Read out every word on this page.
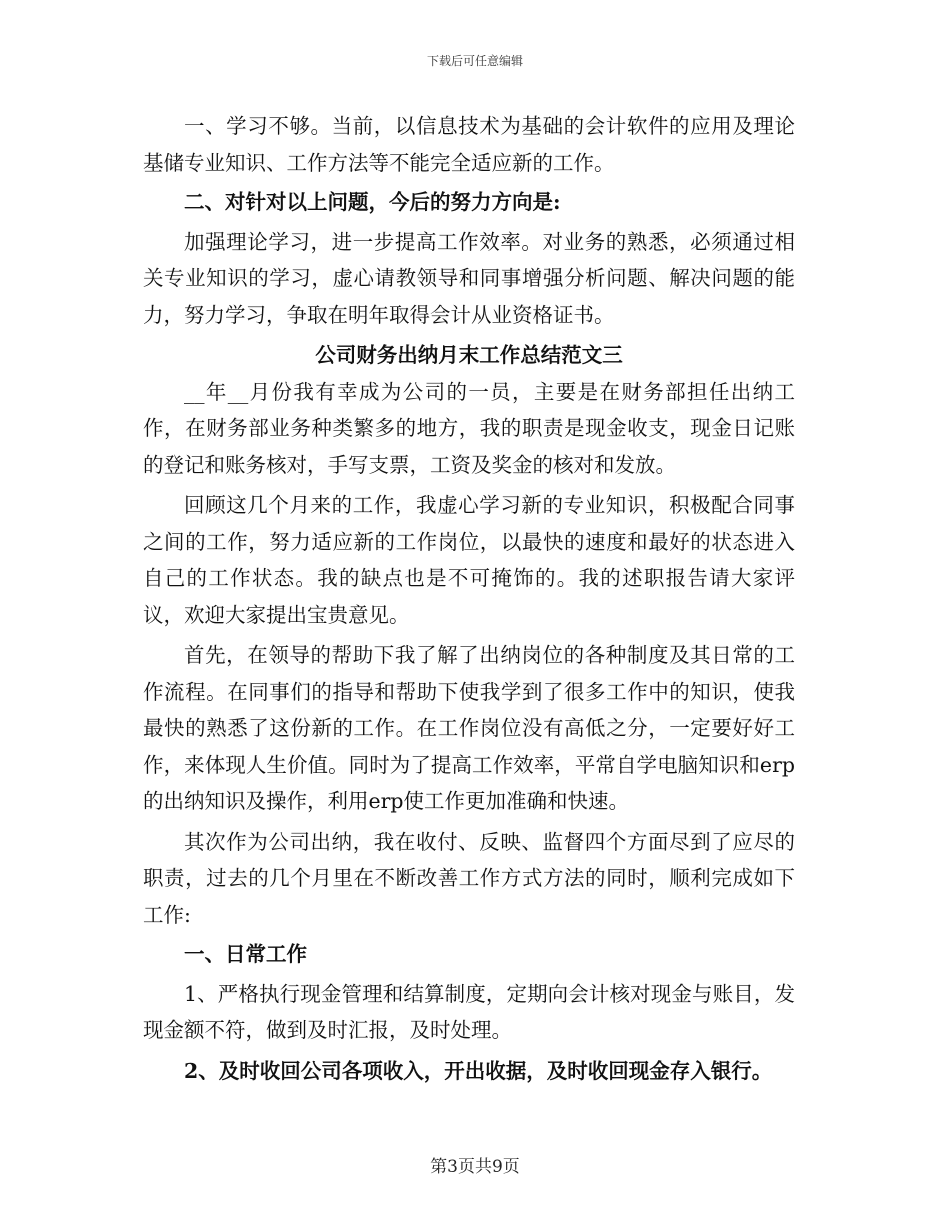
下载后可任意编辑

一、学习不够。当前，以信息技术为基础的会计软件的应用及理论基储专业知识、工作方法等不能完全适应新的工作。

二、对针对以上问题，今后的努力方向是:

加强理论学习，进一步提高工作效率。对业务的熟悉，必须通过相关专业知识的学习，虚心请教领导和同事增强分析问题、解决问题的能力，努力学习，争取在明年取得会计从业资格证书。

公司财务出纳月末工作总结范文三

__年__月份我有幸成为公司的一员，主要是在财务部担任出纳工作，在财务部业务种类繁多的地方，我的职责是现金收支，现金日记账的登记和账务核对，手写支票，工资及奖金的核对和发放。

回顾这几个月来的工作，我虚心学习新的专业知识，积极配合同事之间的工作，努力适应新的工作岗位，以最快的速度和最好的状态进入自己的工作状态。我的缺点也是不可掩饰的。我的述职报告请大家评议，欢迎大家提出宝贵意见。

首先，在领导的帮助下我了解了出纳岗位的各种制度及其日常的工作流程。在同事们的指导和帮助下使我学到了很多工作中的知识，使我最快的熟悉了这份新的工作。在工作岗位没有高低之分，一定要好好工作，来体现人生价值。同时为了提高工作效率，平常自学电脑知识和erp的出纳知识及操作，利用erp使工作更加准确和快速。

其次作为公司出纳，我在收付、反映、监督四个方面尽到了应尽的职责，过去的几个月里在不断改善工作方式方法的同时，顺利完成如下工作:

一、日常工作

1、严格执行现金管理和结算制度，定期向会计核对现金与账目，发现金额不符，做到及时汇报，及时处理。

2、及时收回公司各项收入，开出收据，及时收回现金存入银行。

第3页共9页
